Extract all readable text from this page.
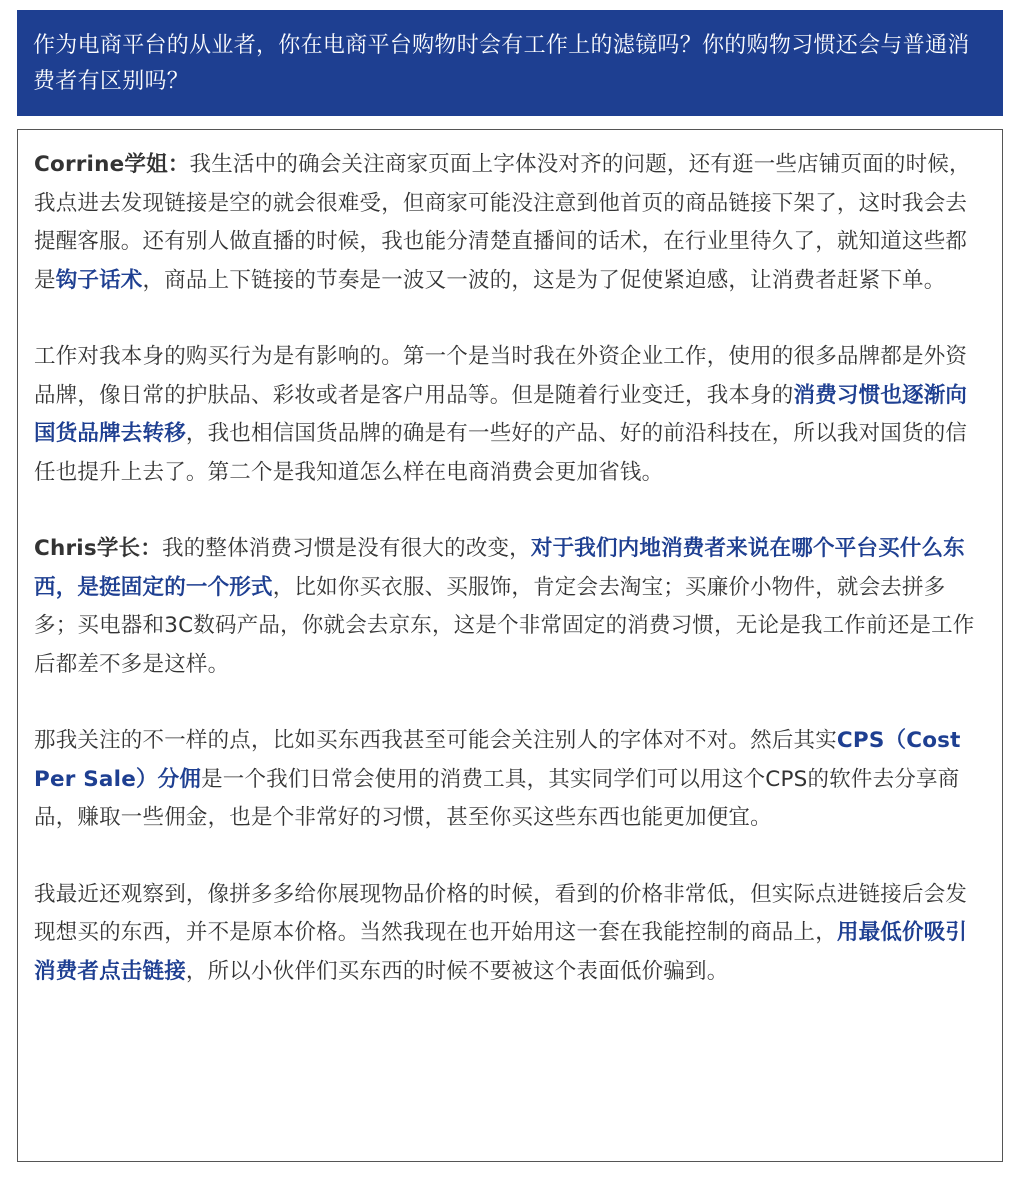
作为电商平台的从业者，你在电商平台购物时会有工作上的滤镜吗？你的购物习惯还会与普通消费者有区别吗？

Corrine学姐：我生活中的确会关注商家页面上字体没对齐的问题，还有逛一些店铺页面的时候，我点进去发现链接是空的就会很难受，但商家可能没注意到他首页的商品链接下架了，这时我会去提醒客服。还有别人做直播的时候，我也能分清楚直播间的话术，在行业里待久了，就知道这些都是钩子话术，商品上下链接的节奏是一波又一波的，这是为了促使紧迫感，让消费者赶紧下单。

工作对我本身的购买行为是有影响的。第一个是当时我在外资企业工作，使用的很多品牌都是外资品牌，像日常的护肤品、彩妆或者是客户用品等。但是随着行业变迁，我本身的消费习惯也逐渐向国货品牌去转移，我也相信国货品牌的确是有一些好的产品、好的前沿科技在，所以我对国货的信任也提升上去了。第二个是我知道怎么样在电商消费会更加省钱。

Chris学长：我的整体消费习惯是没有很大的改变，对于我们内地消费者来说在哪个平台买什么东西，是挺固定的一个形式，比如你买衣服、买服饰，肯定会去淘宝；买廉价小物件，就会去拼多多；买电器和3C数码产品，你就会去京东，这是个非常固定的消费习惯，无论是我工作前还是工作后都差不多是这样。

那我关注的不一样的点，比如买东西我甚至可能会关注别人的字体对不对。然后其实CPS（Cost Per Sale）分佣是一个我们日常会使用的消费工具，其实同学们可以用这个CPS的软件去分享商品，赚取一些佣金，也是个非常好的习惯，甚至你买这些东西也能更加便宜。

我最近还观察到，像拼多多给你展现物品价格的时候，看到的价格非常低，但实际点进链接后会发现想买的东西，并不是原本价格。当然我现在也开始用这一套在我能控制的商品上，用最低价吸引消费者点击链接，所以小伙伴们买东西的时候不要被这个表面低价骗到。
